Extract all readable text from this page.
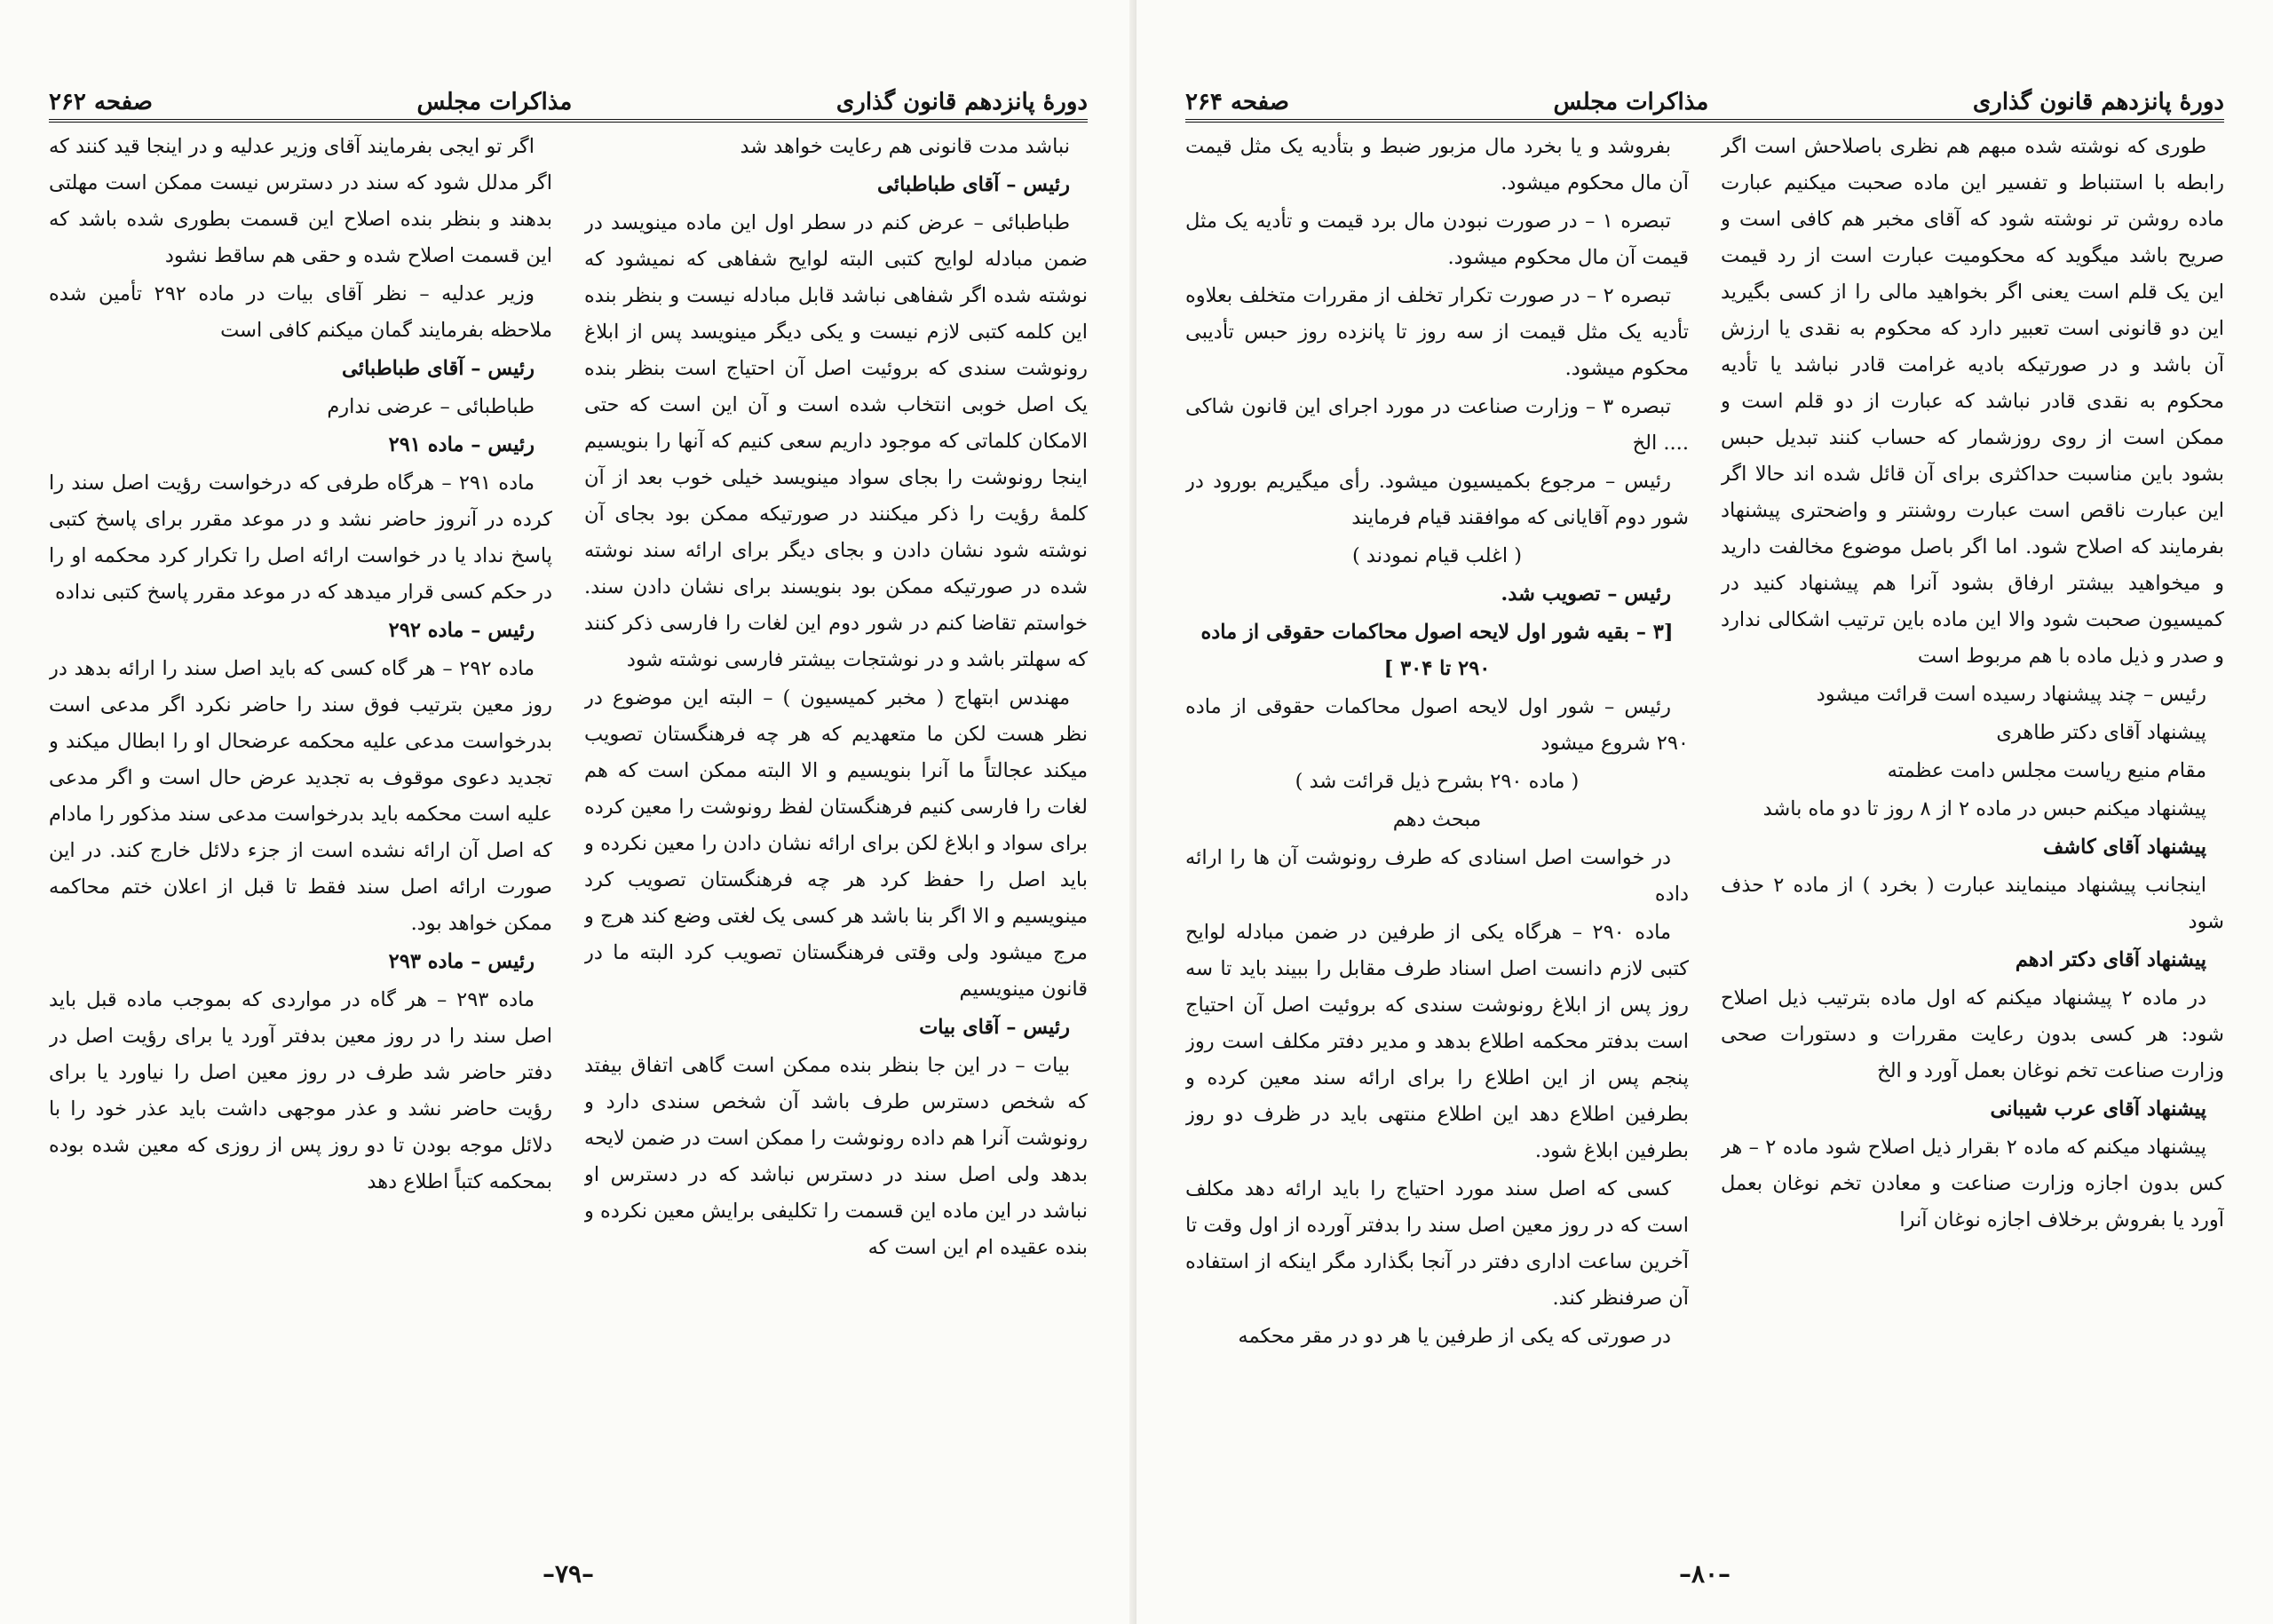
دورهٔ پانزدهم قانون گذاری
مذاکرات مجلس
صفحه ۲۶۲

نباشد مدت قانونی هم رعایت خواهد شد

رئیس – آقای طباطبائی

طباطبائی – عرض کنم در سطر اول این ماده مینویسد در ضمن مبادله لوایح کتبی البته لوایح شفاهی که نمیشود که نوشته شده اگر شفاهی نباشد قابل مبادله نیست و بنظر بنده این کلمه کتبی لازم نیست و یکی دیگر مینویسد پس از ابلاغ رونوشت سندی که بروئیت اصل آن احتیاج است بنظر بنده یک اصل خوبی انتخاب شده است و آن این است که حتی الامکان کلماتی که موجود داریم سعی کنیم که آنها را بنویسیم اینجا رونوشت را بجای سواد مینویسد خیلی خوب بعد از آن کلمهٔ رؤیت را ذکر میکنند در صورتیکه ممکن بود بجای آن نوشته شود نشان دادن و بجای دیگر برای ارائه سند نوشته شده در صورتیکه ممکن بود بنویسند برای نشان دادن سند. خواستم تقاضا کنم در شور دوم این لغات را فارسی ذکر کنند که سهلتر باشد و در نوشتجات بیشتر فارسی نوشته شود

مهندس ابتهاج ( مخبر کمیسیون ) – البته این موضوع در نظر هست لکن ما متعهدیم که هر چه فرهنگستان تصویب میکند عجالتاً ما آنرا بنویسیم و الا البته ممکن است که هم لغات را فارسی کنیم فرهنگستان لفظ رونوشت را معین کرده برای سواد و ابلاغ لکن برای ارائه نشان دادن را معین نکرده و باید اصل را حفظ کرد هر چه فرهنگستان تصویب کرد مینویسیم و الا اگر بنا باشد هر کسی یک لغتی وضع کند هرج و مرج میشود ولی وقتی فرهنگستان تصویب کرد البته ما در قانون مینویسیم

رئیس – آقای بیات

بیات – در این جا بنظر بنده ممکن است گاهی اتفاق بیفتد که شخص دسترس طرف باشد آن شخص سندی دارد و رونوشت آنرا هم داده رونوشت را ممکن است در ضمن لایحه بدهد ولی اصل سند در دسترس نباشد که در دسترس او نباشد در این ماده این قسمت را تکلیفی برایش معین نکرده و بنده عقیده ام این است که

اگر تو ایجی بفرمایند آقای وزیر عدلیه و در اینجا قید کنند که اگر مدلل شود که سند در دسترس نیست ممکن است مهلتی بدهند و بنظر بنده اصلاح این قسمت بطوری شده باشد که این قسمت اصلاح شده و حقی هم ساقط نشود

وزیر عدلیه – نظر آقای بیات در ماده ۲۹۲ تأمین شده ملاحظه بفرمایند گمان میکنم کافی است

رئیس – آقای طباطبائی

طباطبائی – عرضی ندارم

رئیس – ماده ۲۹۱

ماده ۲۹۱ – هرگاه طرفی که درخواست رؤیت اصل سند را کرده در آنروز حاضر نشد و در موعد مقرر برای پاسخ کتبی پاسخ نداد یا در خواست ارائه اصل را تکرار کرد محکمه او را در حکم کسی قرار میدهد که در موعد مقرر پاسخ کتبی نداده

رئیس – ماده ۲۹۲

ماده ۲۹۲ – هر گاه کسی که باید اصل سند را ارائه بدهد در روز معین بترتیب فوق سند را حاضر نکرد اگر مدعی است بدرخواست مدعی علیه محکمه عرضحال او را ابطال میکند و تجدید دعوی موقوف به تجدید عرض حال است و اگر مدعی علیه است محکمه باید بدرخواست مدعی سند مذکور را مادام که اصل آن ارائه نشده است از جزء دلائل خارج کند. در این صورت ارائه اصل سند فقط تا قبل از اعلان ختم محاکمه ممکن خواهد بود.

رئیس – ماده ۲۹۳

ماده ۲۹۳ – هر گاه در مواردی که بموجب ماده قبل باید اصل سند را در روز معین بدفتر آورد یا برای رؤیت اصل در دفتر حاضر شد طرف در روز معین اصل را نیاورد یا برای رؤیت حاضر نشد و عذر موجهی داشت باید عذر خود را با دلائل موجه بودن تا دو روز پس از روزی که معین شده بوده بمحکمه کتباً اطلاع دهد

–۷۹–
دورهٔ پانزدهم قانون گذاری
مذاکرات مجلس
صفحه ۲۶۴

طوری که نوشته شده مبهم هم نظری باصلاحش است اگر رابطه با استنباط و تفسیر این ماده صحبت میکنیم عبارت ماده روشن تر نوشته شود که آقای مخبر هم کافی است و صریح باشد میگوید که محکومیت عبارت است از رد قیمت این یک قلم است یعنی اگر بخواهید مالی را از کسی بگیرید این دو قانونی است تعبیر دارد که محکوم به نقدی یا ارزش آن باشد و در صورتیکه بادیه غرامت قادر نباشد یا تأدیه محکوم به نقدی قادر نباشد که عبارت از دو قلم است و ممکن است از روی روزشمار که حساب کنند تبدیل حبس بشود باین مناسبت حداکثری برای آن قائل شده اند حالا اگر این عبارت ناقص است عبارت روشنتر و واضحتری پیشنهاد بفرمایند که اصلاح شود. اما اگر باصل موضوع مخالفت دارید و میخواهید بیشتر ارفاق بشود آنرا هم پیشنهاد کنید در کمیسیون صحبت شود والا این ماده باین ترتیب اشکالی ندارد و صدر و ذیل ماده با هم مربوط است

رئیس – چند پیشنهاد رسیده است قرائت میشود

پیشنهاد آقای دکتر طاهری

مقام منیع ریاست مجلس دامت عظمته

پیشنهاد میکنم حبس در ماده ۲ از ۸ روز تا دو ماه باشد

پیشنهاد آقای کاشف

اینجانب پیشنهاد مینمایند عبارت ( بخرد ) از ماده ۲ حذف شود

پیشنهاد آقای دکتر ادهم

در ماده ۲ پیشنهاد میکنم که اول ماده بترتیب ذیل اصلاح شود: هر کسی بدون رعایت مقررات و دستورات صحی وزارت صناعت تخم نوغان بعمل آورد و الخ

پیشنهاد آقای عرب شیبانی

پیشنهاد میکنم که ماده ۲ بقرار ذیل اصلاح شود ماده ۲ – هر کس بدون اجازه وزارت صناعت و معادن تخم نوغان بعمل آورد یا بفروش برخلاف اجازه نوغان آنرا

بفروشد و یا بخرد مال مزبور ضبط و بتأدیه یک مثل قیمت آن مال محکوم میشود.

تبصره ۱ – در صورت نبودن مال برد قیمت و تأدیه یک مثل قیمت آن مال محکوم میشود.

تبصره ۲ – در صورت تکرار تخلف از مقررات متخلف بعلاوه تأدیه یک مثل قیمت از سه روز تا پانزده روز حبس تأدیبی محکوم میشود.

تبصره ۳ – وزارت صناعت در مورد اجرای این قانون شاکی .... الخ

رئیس – مرجوع بکمیسیون میشود. رأی میگیریم بورود در شور دوم آقایانی که موافقند قیام فرمایند

( اغلب قیام نمودند )

رئیس – تصویب شد.

[۳ – بقیه شور اول لایحه اصول محاکمات حقوقی از ماده ۲۹۰ تا ۳۰۴ ]

رئیس – شور اول لایحه اصول محاکمات حقوقی از ماده ۲۹۰ شروع میشود

( ماده ۲۹۰ بشرح ذیل قرائت شد )

مبحث دهم

در خواست اصل اسنادی که طرف رونوشت آن ها را ارائه داده

ماده ۲۹۰ – هرگاه یکی از طرفین در ضمن مبادله لوایح کتبی لازم دانست اصل اسناد طرف مقابل را ببیند باید تا سه روز پس از ابلاغ رونوشت سندی که بروئیت اصل آن احتیاج است بدفتر محکمه اطلاع بدهد و مدیر دفتر مکلف است روز پنجم پس از این اطلاع را برای ارائه سند معین کرده و بطرفین اطلاع دهد این اطلاع منتهی باید در ظرف دو روز بطرفین ابلاغ شود.

کسی که اصل سند مورد احتیاج را باید ارائه دهد مکلف است که در روز معین اصل سند را بدفتر آورده از اول وقت تا آخرین ساعت اداری دفتر در آنجا بگذارد مگر اینکه از استفاده آن صرفنظر کند.

در صورتی که یکی از طرفین یا هر دو در مقر محکمه

–۸۰–
